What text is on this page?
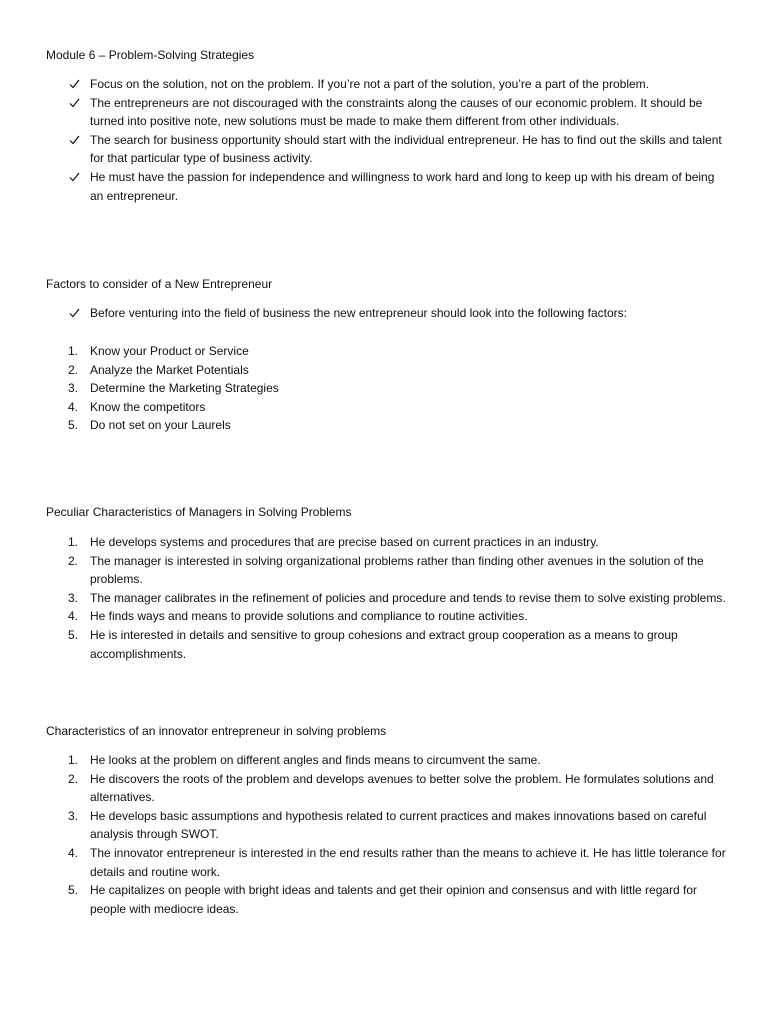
Module 6 – Problem-Solving Strategies
Focus on the solution, not on the problem. If you’re not a part of the solution, you’re a part of the problem.
The entrepreneurs are not discouraged with the constraints along the causes of our economic problem. It should be turned into positive note, new solutions must be made to make them different from other individuals.
The search for business opportunity should start with the individual entrepreneur. He has to find out the skills and talent for that particular type of business activity.
He must have the passion for independence and willingness to work hard and long to keep up with his dream of being an entrepreneur.
Factors to consider of a New Entrepreneur
Before venturing into the field of business the new entrepreneur should look into the following factors:
1. Know your Product or Service
2. Analyze the Market Potentials
3. Determine the Marketing Strategies
4. Know the competitors
5. Do not set on your Laurels
Peculiar Characteristics of Managers in Solving Problems
1. He develops systems and procedures that are precise based on current practices in an industry.
2. The manager is interested in solving organizational problems rather than finding other avenues in the solution of the problems.
3. The manager calibrates in the refinement of policies and procedure and tends to revise them to solve existing problems.
4. He finds ways and means to provide solutions and compliance to routine activities.
5. He is interested in details and sensitive to group cohesions and extract group cooperation as a means to group accomplishments.
Characteristics of an innovator entrepreneur in solving problems
1. He looks at the problem on different angles and finds means to circumvent the same.
2. He discovers the roots of the problem and develops avenues to better solve the problem. He formulates solutions and alternatives.
3. He develops basic assumptions and hypothesis related to current practices and makes innovations based on careful analysis through SWOT.
4. The innovator entrepreneur is interested in the end results rather than the means to achieve it. He has little tolerance for details and routine work.
5. He capitalizes on people with bright ideas and talents and get their opinion and consensus and with little regard for people with mediocre ideas.
